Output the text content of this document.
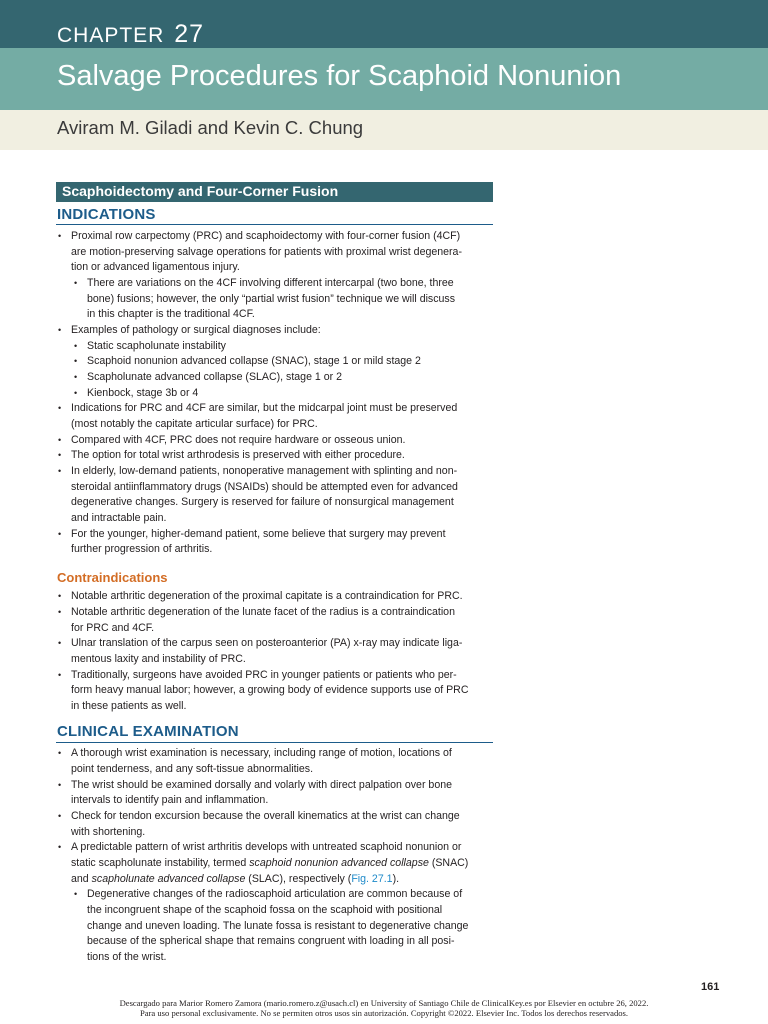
CHAPTER 27
Salvage Procedures for Scaphoid Nonunion
Aviram M. Giladi and Kevin C. Chung
Scaphoidectomy and Four-Corner Fusion
INDICATIONS
• Proximal row carpectomy (PRC) and scaphoidectomy with four-corner fusion (4CF)
are motion-preserving salvage operations for patients with proximal wrist degenera-
tion or advanced ligamentous injury.
• There are variations on the 4CF involving different intercarpal (two bone, three
bone) fusions; however, the only “partial wrist fusion” technique we will discuss
in this chapter is the traditional 4CF.
• Examples of pathology or surgical diagnoses include:
• Static scapholunate instability
• Scaphoid nonunion advanced collapse (SNAC), stage 1 or mild stage 2
• Scapholunate advanced collapse (SLAC), stage 1 or 2
• Kienbock, stage 3b or 4
• Indications for PRC and 4CF are similar, but the midcarpal joint must be preserved
(most notably the capitate articular surface) for PRC.
• Compared with 4CF, PRC does not require hardware or osseous union.
• The option for total wrist arthrodesis is preserved with either procedure.
• In elderly, low-demand patients, nonoperative management with splinting and non-
steroidal antiinflammatory drugs (NSAIDs) should be attempted even for advanced
degenerative changes. Surgery is reserved for failure of nonsurgical management
and intractable pain.
• For the younger, higher-demand patient, some believe that surgery may prevent
further progression of arthritis.
Contraindications
• Notable arthritic degeneration of the proximal capitate is a contraindication for PRC.
• Notable arthritic degeneration of the lunate facet of the radius is a contraindication
for PRC and 4CF.
• Ulnar translation of the carpus seen on posteroanterior (PA) x-ray may indicate liga-
mentous laxity and instability of PRC.
• Traditionally, surgeons have avoided PRC in younger patients or patients who per-
form heavy manual labor; however, a growing body of evidence supports use of PRC
in these patients as well.
CLINICAL EXAMINATION
• A thorough wrist examination is necessary, including range of motion, locations of
point tenderness, and any soft-tissue abnormalities.
• The wrist should be examined dorsally and volarly with direct palpation over bone
intervals to identify pain and inflammation.
• Check for tendon excursion because the overall kinematics at the wrist can change
with shortening.
• A predictable pattern of wrist arthritis develops with untreated scaphoid nonunion or
static scapholunate instability, termed scaphoid nonunion advanced collapse (SNAC)
and scapholunate advanced collapse (SLAC), respectively (Fig. 27.1).
• Degenerative changes of the radioscaphoid articulation are common because of
the incongruent shape of the scaphoid fossa on the scaphoid with positional
change and uneven loading. The lunate fossa is resistant to degenerative change
because of the spherical shape that remains congruent with loading in all posi-
tions of the wrist.
161
Descargado para Marior Romero Zamora (mario.romero.z@usach.cl) en University of Santiago Chile de ClinicalKey.es por Elsevier en octubre 26, 2022.
Para uso personal exclusivamente. No se permiten otros usos sin autorización. Copyright ©2022. Elsevier Inc. Todos los derechos reservados.
